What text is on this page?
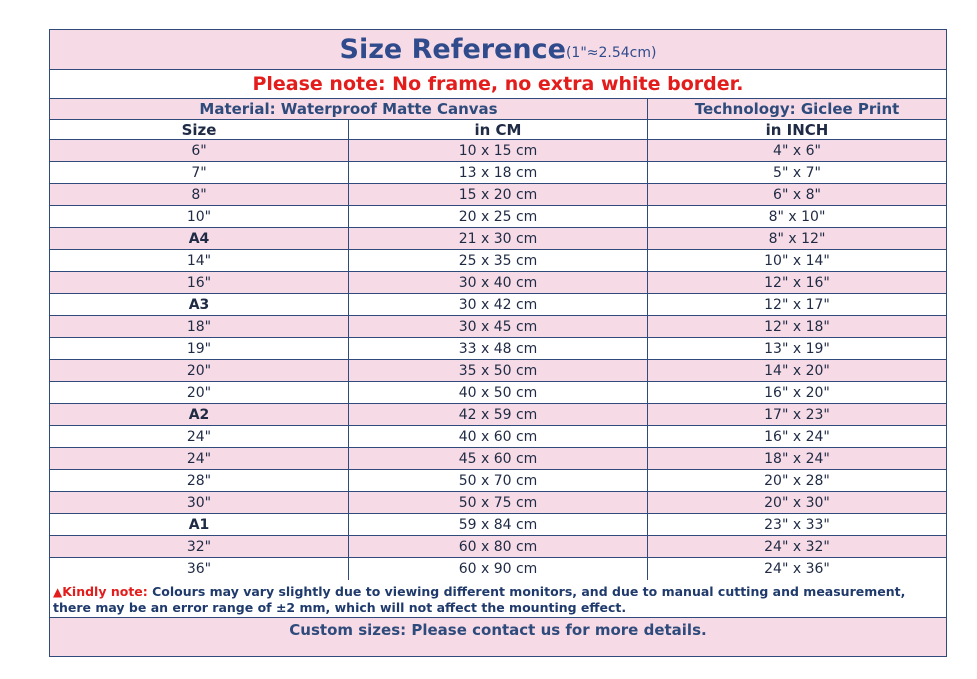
Size Reference (1"≈2.54cm)
Please note: No frame, no extra white border.
Material: Waterproof Matte Canvas	Technology: Giclee Print
Size	in CM	in INCH
6"	10 x 15 cm	4" x 6"
7"	13 x 18 cm	5" x 7"
8"	15 x 20 cm	6" x 8"
10"	20 x 25 cm	8" x 10"
A4	21 x 30 cm	8" x 12"
14"	25 x 35 cm	10" x 14"
16"	30 x 40 cm	12" x 16"
A3	30 x 42 cm	12" x 17"
18"	30 x 45 cm	12" x 18"
19"	33 x 48 cm	13" x 19"
20"	35 x 50 cm	14" x 20"
20"	40 x 50 cm	16" x 20"
A2	42 x 59 cm	17" x 23"
24"	40 x 60 cm	16" x 24"
24"	45 x 60 cm	18" x 24"
28"	50 x 70 cm	20" x 28"
30"	50 x 75 cm	20" x 30"
A1	59 x 84 cm	23" x 33"
32"	60 x 80 cm	24" x 32"
36"	60 x 90 cm	24" x 36"
▲Kindly note: Colours may vary slightly due to viewing different monitors, and due to manual cutting and measurement, there may be an error range of ±2 mm, which will not affect the mounting effect.
Custom sizes: Please contact us for more details.
